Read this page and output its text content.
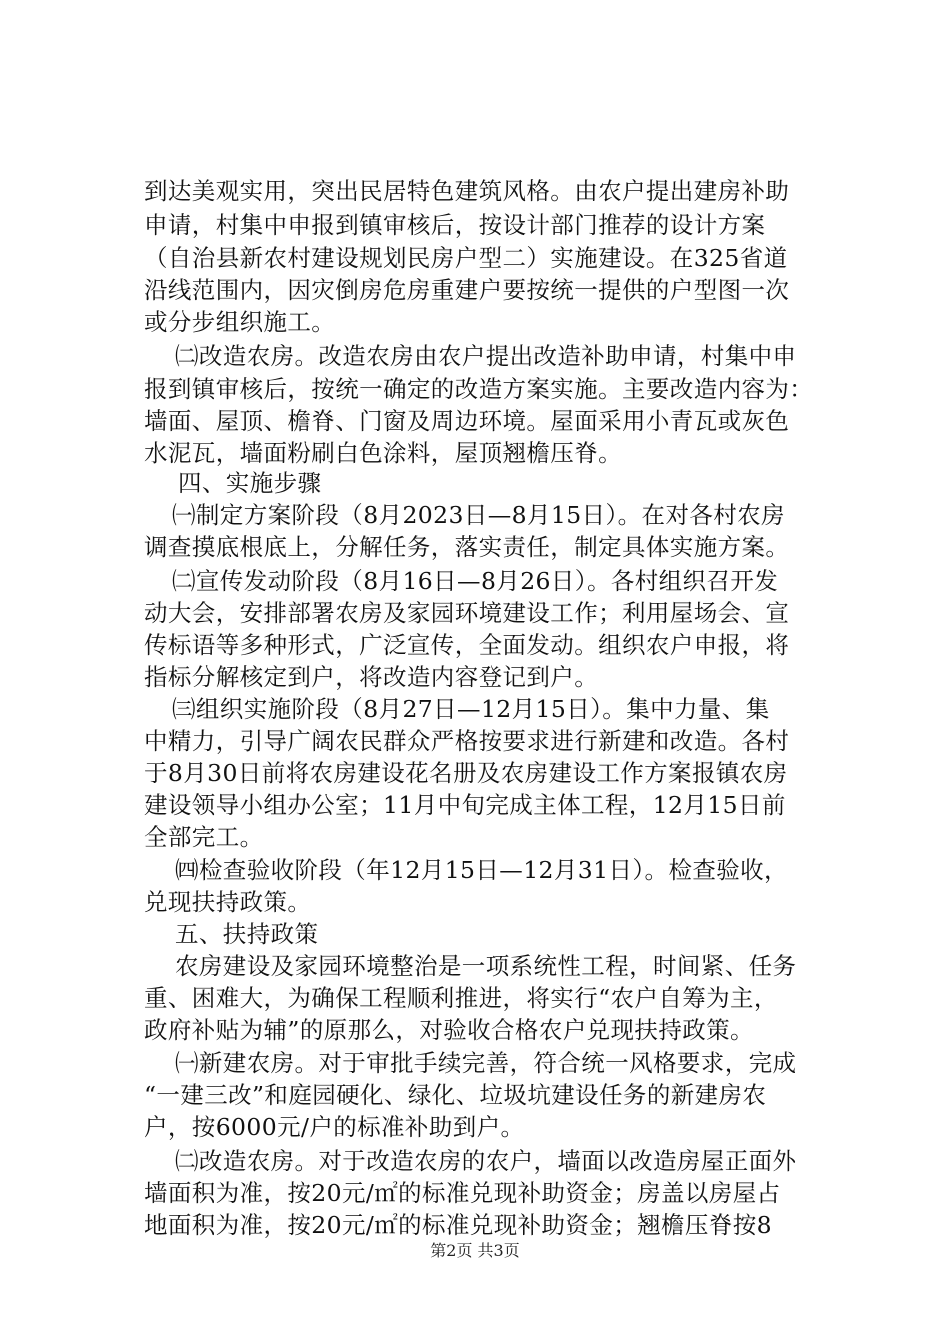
到达美观实用，突出民居特色建筑风格。由农户提出建房补助
申请，村集中申报到镇审核后，按设计部门推荐的设计方案
（自治县新农村建设规划民房户型二）实施建设。在325省道
沿线范围内，因灾倒房危房重建户要按统一提供的户型图一次
或分步组织施工。
㈡改造农房。改造农房由农户提出改造补助申请，村集中申
报到镇审核后，按统一确定的改造方案实施。主要改造内容为：
墙面、屋顶、檐脊、门窗及周边环境。屋面采用小青瓦或灰色
水泥瓦，墙面粉刷白色涂料，屋顶翘檐压脊。
四、实施步骤
㈠制定方案阶段（8月2023日—8月15日）。在对各村农房
调查摸底根底上，分解任务，落实责任，制定具体实施方案。
㈡宣传发动阶段（8月16日—8月26日）。各村组织召开发
动大会，安排部署农房及家园环境建设工作；利用屋场会、宣
传标语等多种形式，广泛宣传，全面发动。组织农户申报，将
指标分解核定到户，将改造内容登记到户。
㈢组织实施阶段（8月27日—12月15日）。集中力量、集
中精力，引导广阔农民群众严格按要求进行新建和改造。各村
于8月30日前将农房建设花名册及农房建设工作方案报镇农房
建设领导小组办公室；11月中旬完成主体工程，12月15日前
全部完工。
㈣检查验收阶段（年12月15日—12月31日）。检查验收，
兑现扶持政策。
五、扶持政策
农房建设及家园环境整治是一项系统性工程，时间紧、任务
重、困难大，为确保工程顺利推进，将实行“农户自筹为主，
政府补贴为辅”的原那么，对验收合格农户兑现扶持政策。
㈠新建农房。对于审批手续完善，符合统一风格要求，完成
“一建三改”和庭园硬化、绿化、垃圾坑建设任务的新建房农
户，按6000元/户的标准补助到户。
㈡改造农房。对于改造农房的农户，墙面以改造房屋正面外
墙面积为准，按20元/㎡的标准兑现补助资金；房盖以房屋占
地面积为准，按20元/㎡的标准兑现补助资金；翘檐压脊按8
第2页 共3页
